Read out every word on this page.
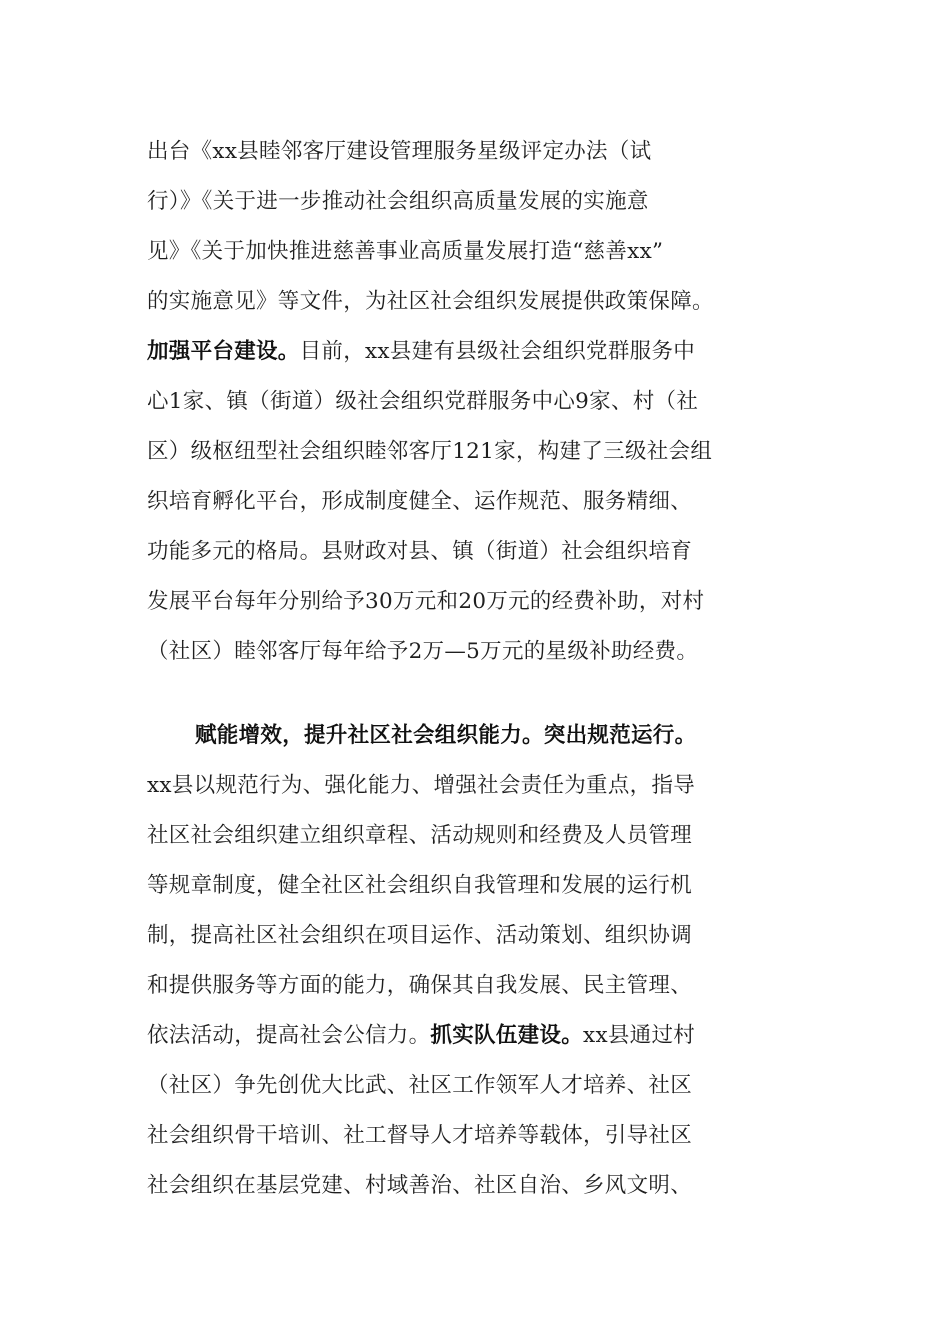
出台《xx县睦邻客厅建设管理服务星级评定办法（试
行）》《关于进一步推动社会组织高质量发展的实施意
见》《关于加快推进慈善事业高质量发展打造“慈善xx”
的实施意见》等文件，为社区社会组织发展提供政策保障。
加强平台建设。目前，xx县建有县级社会组织党群服务中
心1家、镇（街道）级社会组织党群服务中心9家、村（社
区）级枢纽型社会组织睦邻客厅121家，构建了三级社会组
织培育孵化平台，形成制度健全、运作规范、服务精细、
功能多元的格局。县财政对县、镇（街道）社会组织培育
发展平台每年分别给予30万元和20万元的经费补助，对村
（社区）睦邻客厅每年给予2万—5万元的星级补助经费。
赋能增效，提升社区社会组织能力。突出规范运行。
xx县以规范行为、强化能力、增强社会责任为重点，指导
社区社会组织建立组织章程、活动规则和经费及人员管理
等规章制度，健全社区社会组织自我管理和发展的运行机
制，提高社区社会组织在项目运作、活动策划、组织协调
和提供服务等方面的能力，确保其自我发展、民主管理、
依法活动，提高社会公信力。抓实队伍建设。xx县通过村
（社区）争先创优大比武、社区工作领军人才培养、社区
社会组织骨干培训、社工督导人才培养等载体，引导社区
社会组织在基层党建、村域善治、社区自治、乡风文明、
